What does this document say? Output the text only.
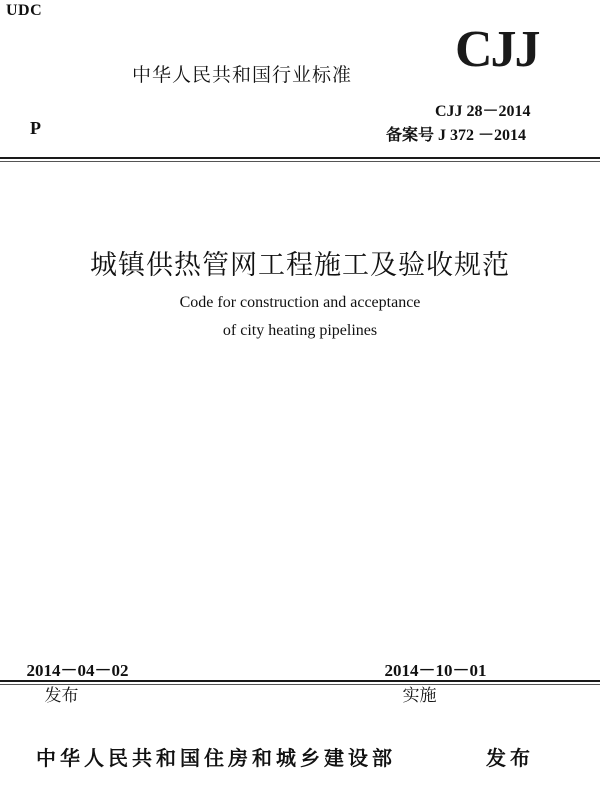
UDC
中华人民共和国行业标准 CJJ
P
CJJ 28－2014
备案号 J 372 －2014
城镇供热管网工程施工及验收规范
Code for construction and acceptance
of city heating pipelines

2014－04－02
发布

2014－10－01
实施

中华人民共和国住房和城乡建设部	发布
